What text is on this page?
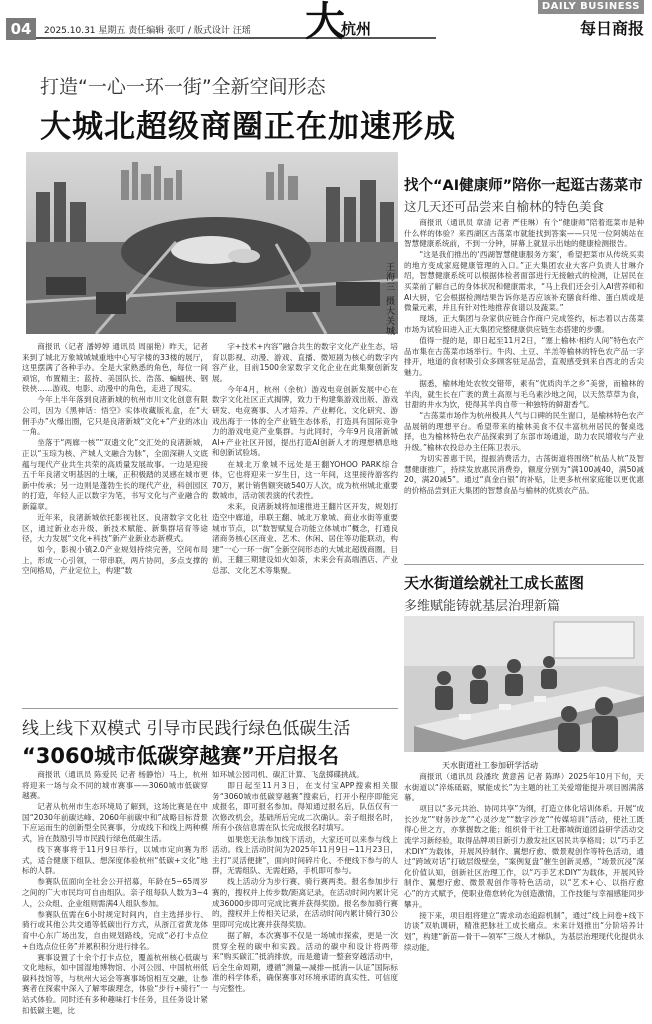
04	2025.10.31 星期五 责任编辑 张叮 / 版式设计 汪瑶 大
杭州
DAILY BUSINESS
每日商报
打造“一心一环一街”全新空间形态
大城北超级商圈正在加速形成
王海三 摄大关城

商报讯（记者 潘婷婷 通讯员 周丽艳）昨天，记者来到了城北万象城城城重地中心写字楼的33楼的展厅，这里摆满了各种手办。全是大家熟悉的角色，每位一间顽馆，布置精主；蓝持、美国队长、浩荡、蝙蝠侠、钢铁侠……游戏、电影、动漫中的角色，走进了现实。

今年上半年落到良渚新城的杭州市川文化创意有限公司，因为《黑神话：悟空》实体收藏版礼盒，在“大佣手办”火爆出圈，它只是良渚新城“文化+”产业的冰山一角。

坐落于“两廊一核”“双遗文化”交汇处的良渚新城，正以“玉琮为核、产城人文融合为脉”，全面深耕人文底蕴与现代产业共生共荣的高质量发展故事。一边是迎接五千年良渚文明基因的土壤，正积极踏的灵感在城市更新中传承；另一边则是蓬勃生长的现代产业，科创园区的打造，年轻人正以数字为笔，书写文化与产业融合的新篇章。

近年来，良渚新城依托影视社区、良渚数字文化社区，通过新业态升级、新技术赋能、新集群培育等途径，大力发展“文化+科技”新产业新业态新模式。

如今，影视小镇2.0产业规划持续完善，空间布局上，形成一心引领，一带串联，两片协同，多点支撑的空间格局，产业定位上，构建“数

字+技术+内容”融合共生的数字文化产业生态，培育以影视、动漫、游戏、直播、微短剧为核心的数字内容产业，目前1500余家数字文化企业在此集聚创新发展。

今年4月，杭州（余杭）游戏电竞创新发展中心在数字文化社区正式揭牌，致力于构建集游戏出版、游戏研发、电竞赛事、人才培养、产业孵化、文化研究、游戏出海于一体的全产业链生态体系，打造具有国际竞争力的游戏电竞产业集群。与此同时，今年9月良渚新城AI+产业社区开园，提出打造AI创新人才的理想栖息地和创新试验场。

在城北万象城不远处是王翻YOHOO PARK综合体，它也将迎来一岁生日，这一年间，这里接待游客约70万，累计销售额突破540万人次，成为杭州城北重要数城市，活动领表演的代表性。

未来，良渚新城将加速推进王翻片区开发，规划打造空中廊道，串联王翻、城北万象城、商业水街等重要城市节点，以“数智赋复合功能立体城市”概念，打通良渚商务核心区商业、艺术、休闲、居住等功能联动，构建“一心一环一街”全新空间形态的大城北超级商圈。目前，王翻三期建设如火如荼，未来会有高端酒店、产业总部、文化艺术等集聚。

线上线下双模式 引导市民践行绿色低碳生活
“3060城市低碳穿越赛”开启报名

商报讯（通讯员 陈爱民 记者 杨静怡）马上，杭州将迎来一场与众不同的城市赛事——3060城市低碳穿越赛。

记者从杭州市生态环境局了解到，这场比赛是在中国“2030年前碳达峰、2060年前碳中和”战略目标背景下应运而生的创新型全民赛事，分成线下和线上两种模式，旨在鼓励引导市民践行绿色低碳生活。

线下赛事将于11月9日举行，以城市定向赛为形式，适合健康下组队、想深度体验杭州“低碳+文化”地标的人群。

参赛队伍面向全社会公开招募，年龄在5~65周岁之间的广大市民均可自由组队。亲子组每队人数为3~4人，公众组、企业组则需满4人组队参加。

参赛队伍需在6小时规定时间内，自主选择步行、骑行或其他公共交通等低碳出行方式，从浙江省黄龙体育中心东广场出发，自由规划路线，完成“必打卡点位+自选点位任务”并累积积分进行排名。

赛事设置了十余个打卡点位，覆盖杭州核心低碳与文化地标，如中国湿地博物馆、小河公园、中国杭州低碳科技馆等，与杭州大运会等赛事场馆相互交融，让参赛者在探索中深入了解零碳理念，体验“步行+骑行”一站式体验。同时还有多种趣味打卡任务，且任务设计紧扣低碳主题，比

如环城公园司机、碳汇计算、飞盘掷碟挑战。

即日起至11月3日，在支付宝APP搜索相关服务“3060城市低碳穿越赛”搜索后，打开小程序即能完成报名，即可报名参加。得知通过报名后，队伍仅有一次修改机会，基础所后完成二次确认。亲子组报名时，所有小孩信息需在队长完成报名时填写。

如果您无法参加线下活动，大家还可以来参与线上活动。线上活动时间为2025年11月9日~11月23日，主打“灵活便捷”，面向时间碎片化、不便线下参与的人群，无需组队、无需赶路，手机即可参与。

线上活动分为步行赛、骑行赛两类。报名参加步行赛的，搜权并上传步数/距离记录，在活动时间内累计完成36000步即可完成比赛并获得奖励。报名参加骑行赛的，搜权并上传相关记录，在活动时间内累计骑行30公里即可完成比赛并获得奖励。

据了解，本次赛事不仅是一场城市探索，更是一次贯穿全程的碳中和实践。活动的碳中和设计将两带来“购买碳汇”抵消排放，而是邀请一整套穿越活动中，后全生命周期，遵循“测量—减排—抵消—认证”国际标准的科学体系，确保赛事对环境承诺的真实性、可信度与完整性。

找个“AI健康师”陪你一起逛古荡菜市
这几天还可品尝来自榆林的特色美食

商报讯（通讯员 章清 记者 严佳琳）有个“健康师”陪着逛菜市是种什么样的体验？来西湖区古荡菜市就能找到答案——只见一位阿姨站在智慧健康系统前，不到一分钟，屏幕上就显示出她的健康检测报告。

“这是我们推出的‘西湖智慧健康服务方案’，希望把菜市从传统买卖的地方变成家庭健康管理的入口。”正大集团农业大客户负责人甘琳介绍，智慧健康系统可以根据体检者面部进行无接触式的检测，让居民在买菜前了解自己的身体状况和健康需求，“马上我们还会引入AI营养师和AI大厨，它会根据检测结果告诉你是否应该补充膳食纤维、蛋白质或是微量元素，并且有针对性地推荐食谱以及蔬菜。”

现场，正大集团与杂家供应链合作商户完成签约，标志着以古荡菜市场为试验田进入正大集团完整健康供应链生态搭建的步骤。

值得一提的是，即日起至11月2日，“塞上榆林·相约人间”特色农产品市集在古荡菜市场举行。牛肉、土豆、羊羔等榆林的特色农产品一字排开，地道的食材吸引众多顾客驻足品尝，直观感受到来自西北的舌尖魅力。

据悉，榆林地处农牧交错带，素有“优质肉羊之乡”美誉，而榆林的羊肉，就生长在广袤的黄土高原与毛乌素沙地之间，以天然草草为食，甘甜的井水为饮，使得其羊肉自带一种独特的鲜甜香气。

“古荡菜市场作为杭州极具人气与口碑的民生窗口，是榆林特色农产品展销的理想平台。希望带来的榆林美食不仅丰富杭州居民的餐桌选择，也为榆林特色农产品探索到了东部市场通道，助力农民增收与产业升级。”榆林农投总办主任陈卫表示。

为切实普惠于民，提振消费活力，古荡街道将围绕“杭品人杭”及智慧健康推广，持续发放惠民消费券，额度分别为“满100减40，满50减20，满20减5”。通过“真金白银”的补贴，让更多杭州家庭能以更优惠的价格品尝到正大集团的智慧食品与榆林的优质农产品。

天水街道绘就社工成长蓝图
多维赋能铸就基层治理新篇
天水街道社工参加研学活动

商报讯（通讯员 段潘玫 黄意茜 记者 陈晔）2025年10月下旬，天水街道以“淬炼砥砺，赋能成长”为主题的社工关爱增能提升项目圆满落幕。

项目以“多元共治、协同共享”为纲，打造立体化培训体系。开展“成长沙龙”“财务沙龙”“心灵沙龙”“数字沙龙”“传媒培训”活动，使社工既得心世之方，亦掌握数之能；组织骨干社工赴都城街道团益研学活动交流学习新经验，取得品牌项目新引力激发社区居民共享格局；以“巧手艺术DIY”为载体，开展风铃制作、翼想疗愈、微景观创作等特色活动，通过“跨域对话”打破层级壁垒，“案例复盘”催生创新灵感，“场景沉浸”深化价值认知，创新社区治理工作，以“巧手艺术DIY”为载体，开展风铃制作、翼想疗愈、微景观创作等特色活动，以“艺术+心、以指疗愈心”的方式赋予，使职业倦怠转化为创造激情，工作技能与幸福感能同步攀升。

接下来，项目组将建立“需求动态追踪机制”，通过“线上问卷+线下访谈”双轨调研，精准把脉社工成长痛点。未来计划推出“分阶培养计划”，构建“新苗—骨干—领军”三级人才梯队，为基层治理现代化提供永续动能。
